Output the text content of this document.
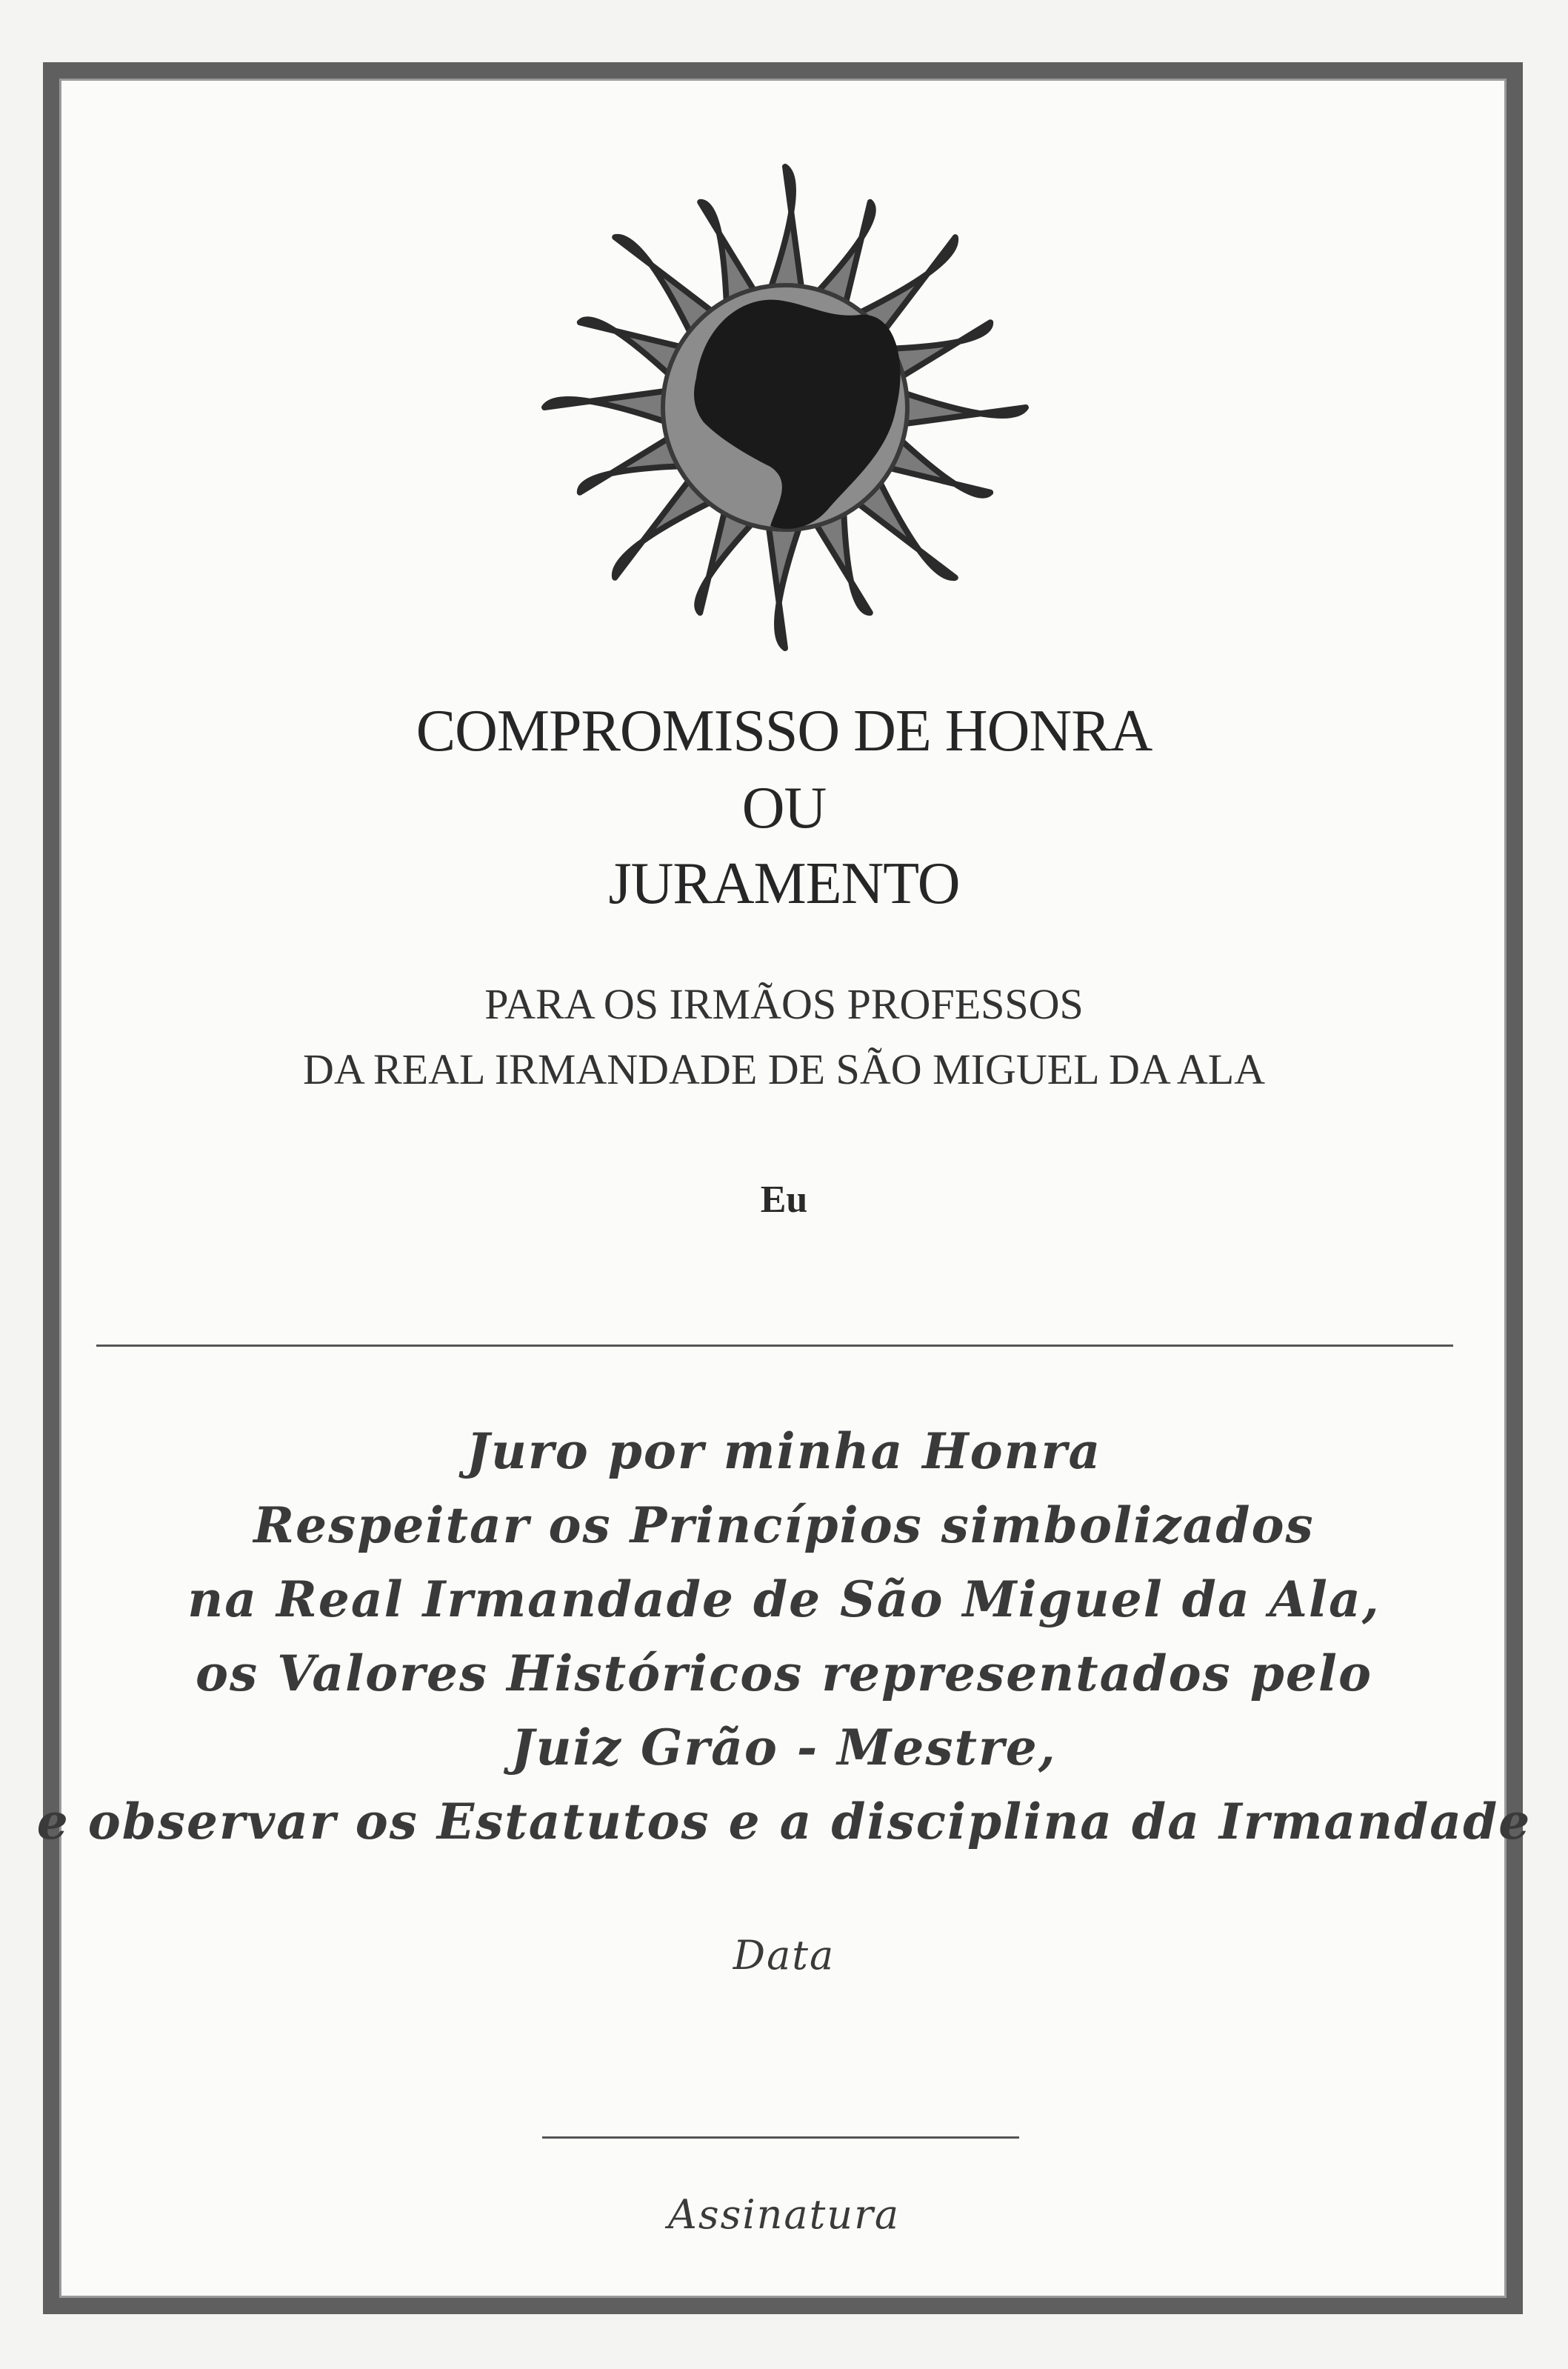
COMPROMISSO DE HONRA
OU
JURAMENTO
PARA OS IRMÃOS PROFESSOS
DA REAL IRMANDADE DE SÃO MIGUEL DA ALA
Eu
Juro por minha Honra
Respeitar os Princípios simbolizados
na Real Irmandade de São Miguel da Ala,
os Valores Históricos representados pelo
Juiz Grão - Mestre,
e observar os Estatutos e a disciplina da Irmandade
Data
Assinatura
